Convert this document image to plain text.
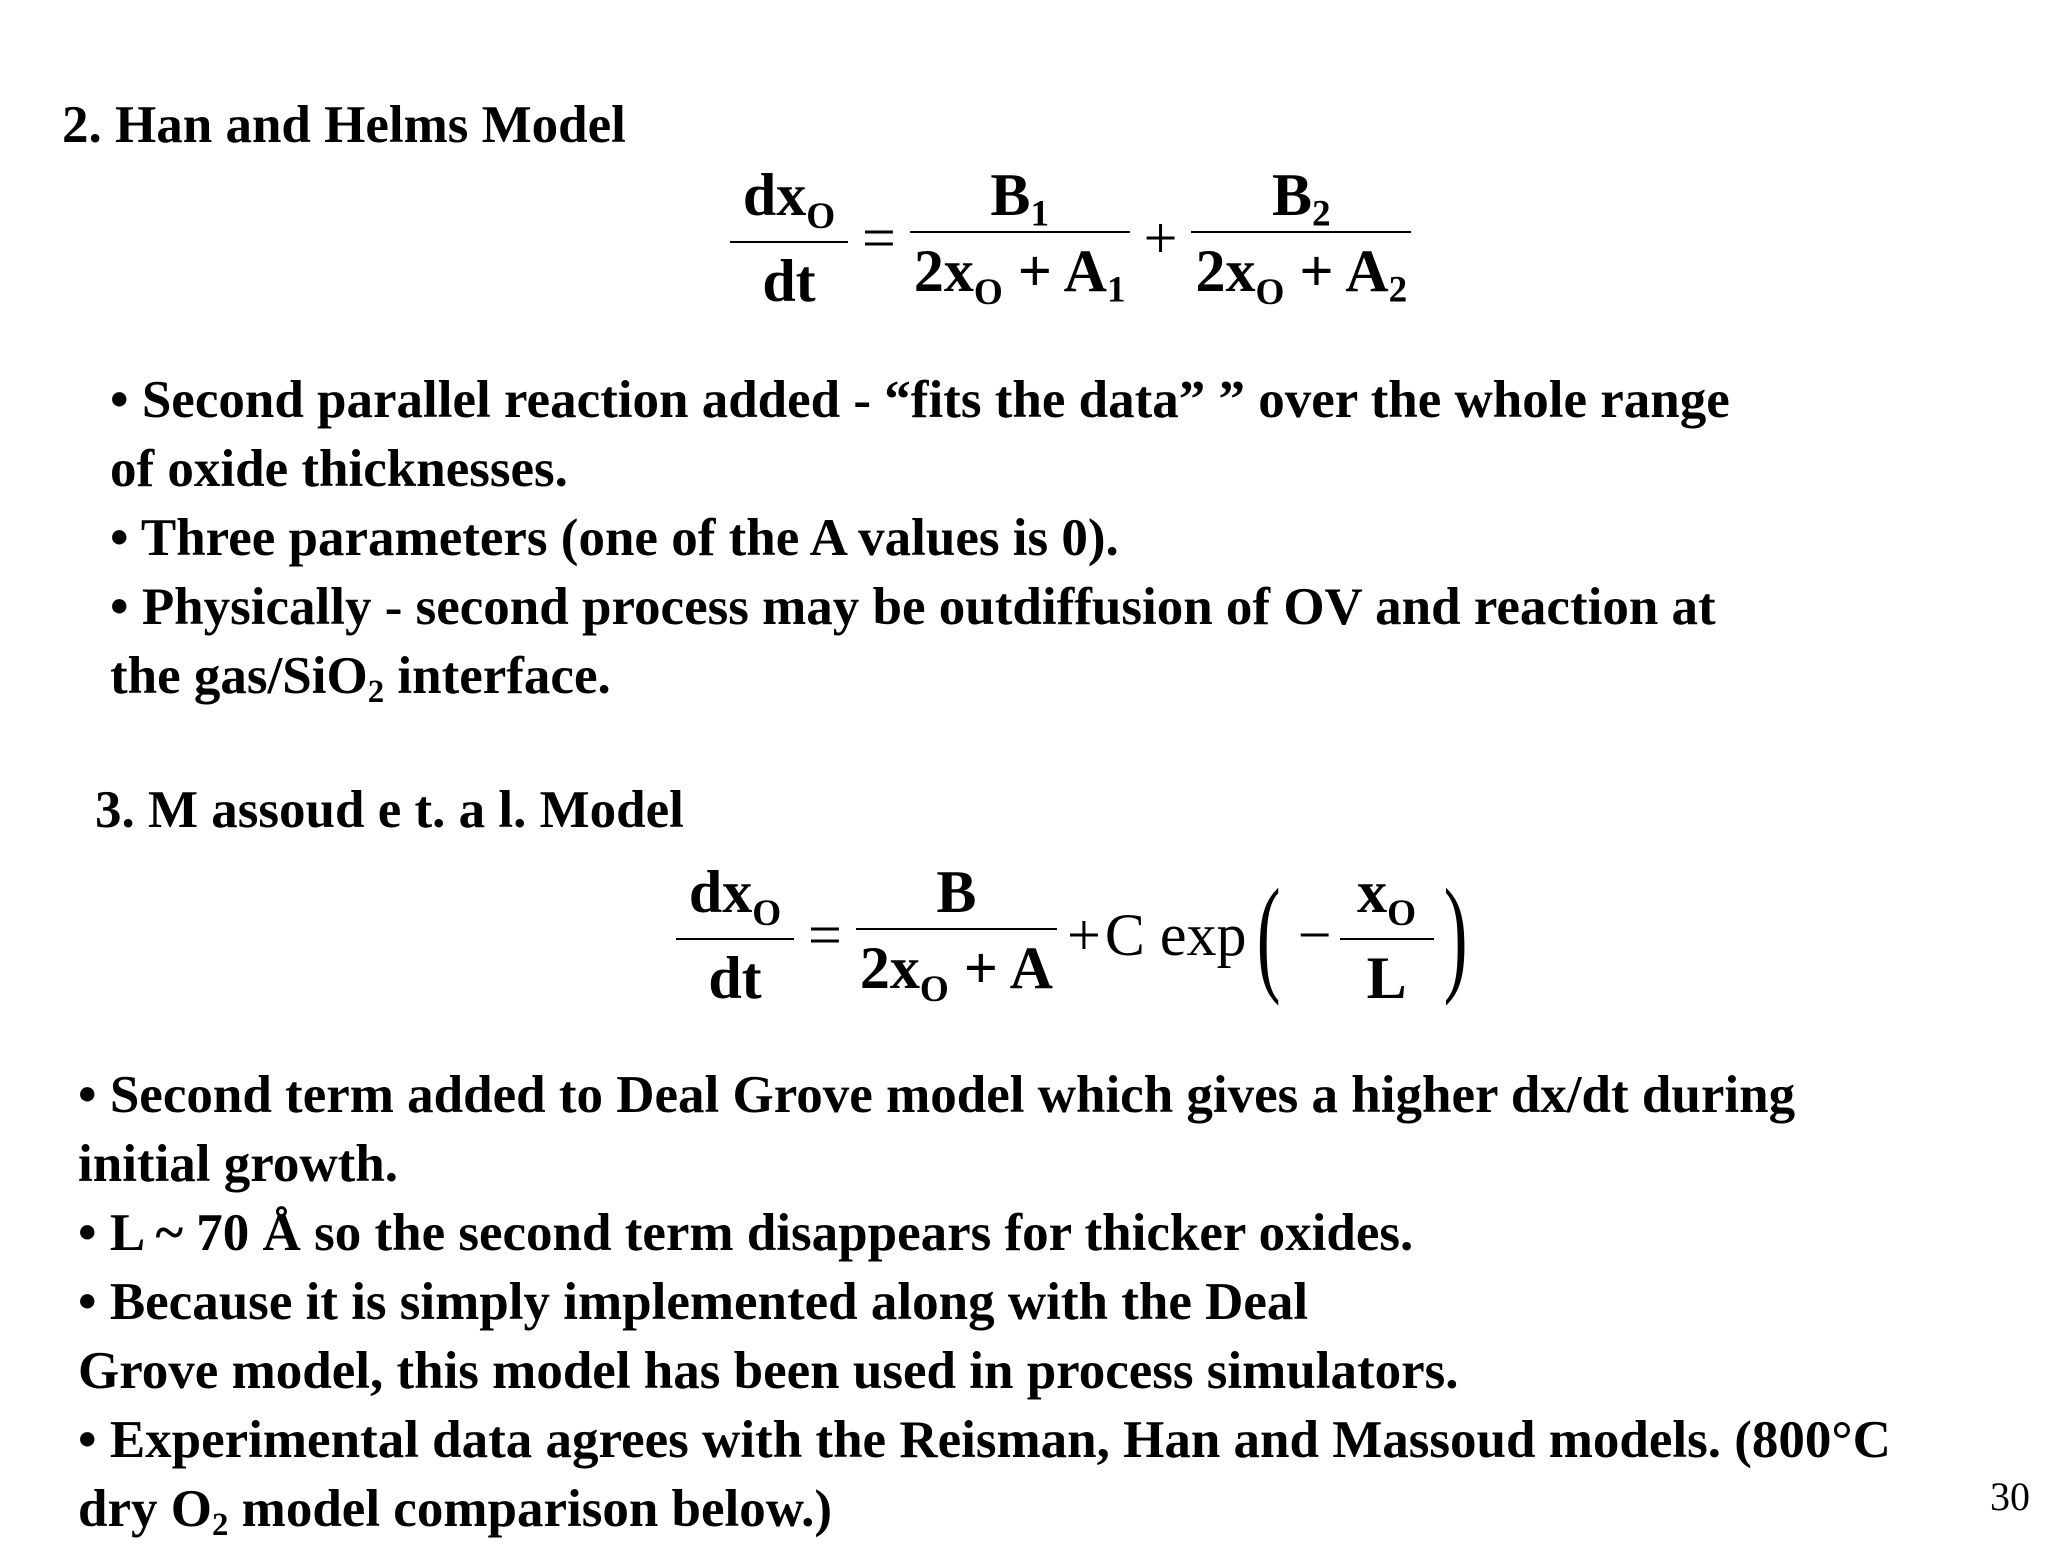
2. Han and Helms Model
$\frac{dx_O}{dt} = \frac{B_1}{2x_O + A_1} + \frac{B_2}{2x_O + A_2}$

• Second parallel reaction added - “fits the data” ” over the whole range

of oxide thicknesses.

• Three parameters (one of the A values is 0).

• Physically - second process may be outdiffusion of OV and reaction at

the gas/SiO$_2$ interface.

3. M assoud e t. a l. Model
$\frac{dx_O}{dt} = \frac{B}{2x_O + A} + C$ exp ( − $\frac{x_O}{L}$ )

• Second term added to Deal Grove model which gives a higher dx/dt during

initial growth.

• L ~ 70 Å so the second term disappears for thicker oxides.

• Because it is simply implemented along with the Deal

Grove model, this model has been used in process simulators.

• Experimental data agrees with the Reisman, Han and Massoud models. (800°C

dry $O_2$ model comparison below.)	30
